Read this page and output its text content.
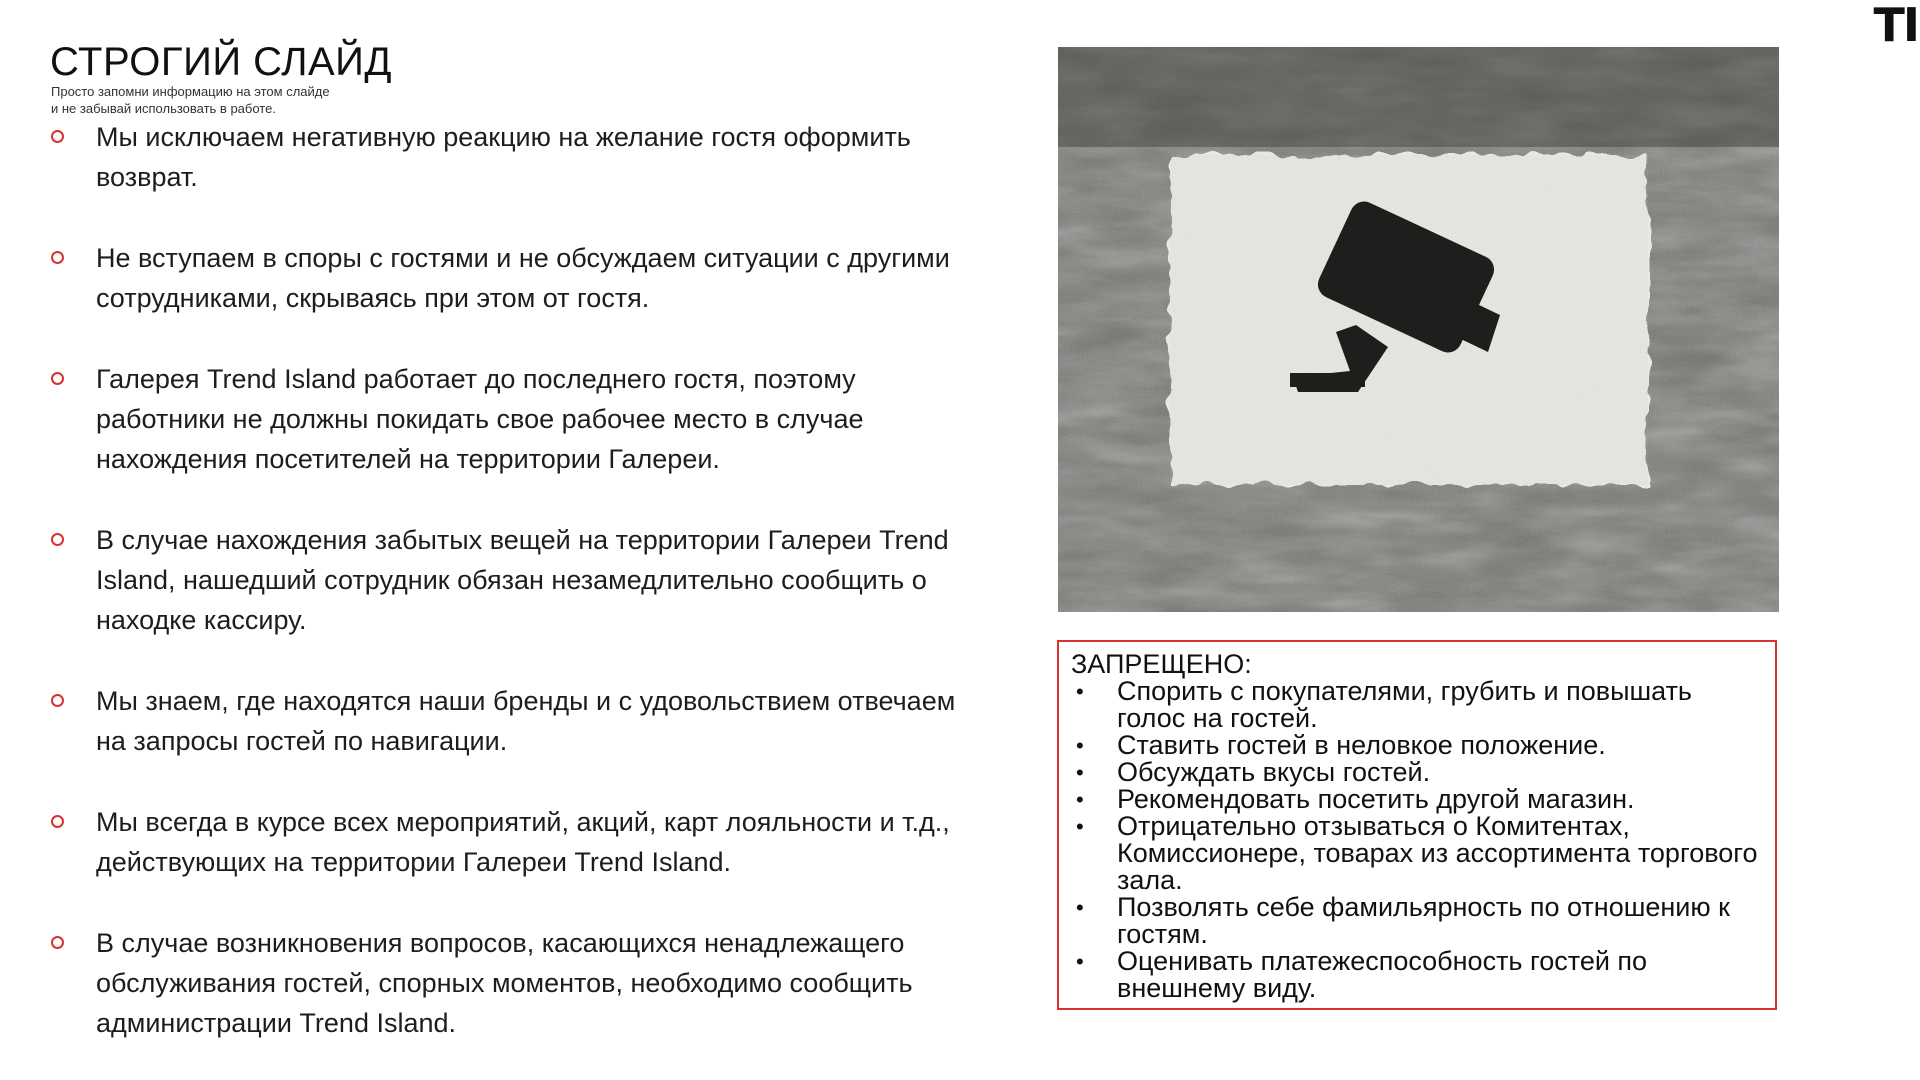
TI
СТРОГИЙ СЛАЙД
Просто запомни информацию на этом слайде
и не забывай использовать в работе.
Мы исключаем негативную реакцию на желание гостя оформить возврат.
Не вступаем в споры с гостями и не обсуждаем ситуации с другими сотрудниками, скрываясь при этом от гостя.
Галерея Trend Island работает до последнего гостя, поэтому работники не должны покидать свое рабочее место в случае нахождения посетителей на территории Галереи.
В случае нахождения забытых вещей на территории Галереи Trend Island, нашедший сотрудник обязан незамедлительно сообщить о находке кассиру.
Мы знаем, где находятся наши бренды и с удовольствием отвечаем на запросы гостей по навигации.
Мы всегда в курсе всех мероприятий, акций, карт лояльности и т.д., действующих на территории Галереи Trend Island.
В случае возникновения вопросов, касающихся ненадлежащего обслуживания гостей, спорных моментов, необходимо сообщить администрации Trend Island.
ЗАПРЕЩЕНО:
• Спорить с покупателями, грубить и повышать голос на гостей.
• Ставить гостей в неловкое положение.
• Обсуждать вкусы гостей.
• Рекомендовать посетить другой магазин.
• Отрицательно отзываться о Комитентах, Комиссионере, товарах из ассортимента торгового зала.
• Позволять себе фамильярность по отношению к гостям.
• Оценивать платежеспособность гостей по внешнему виду.
